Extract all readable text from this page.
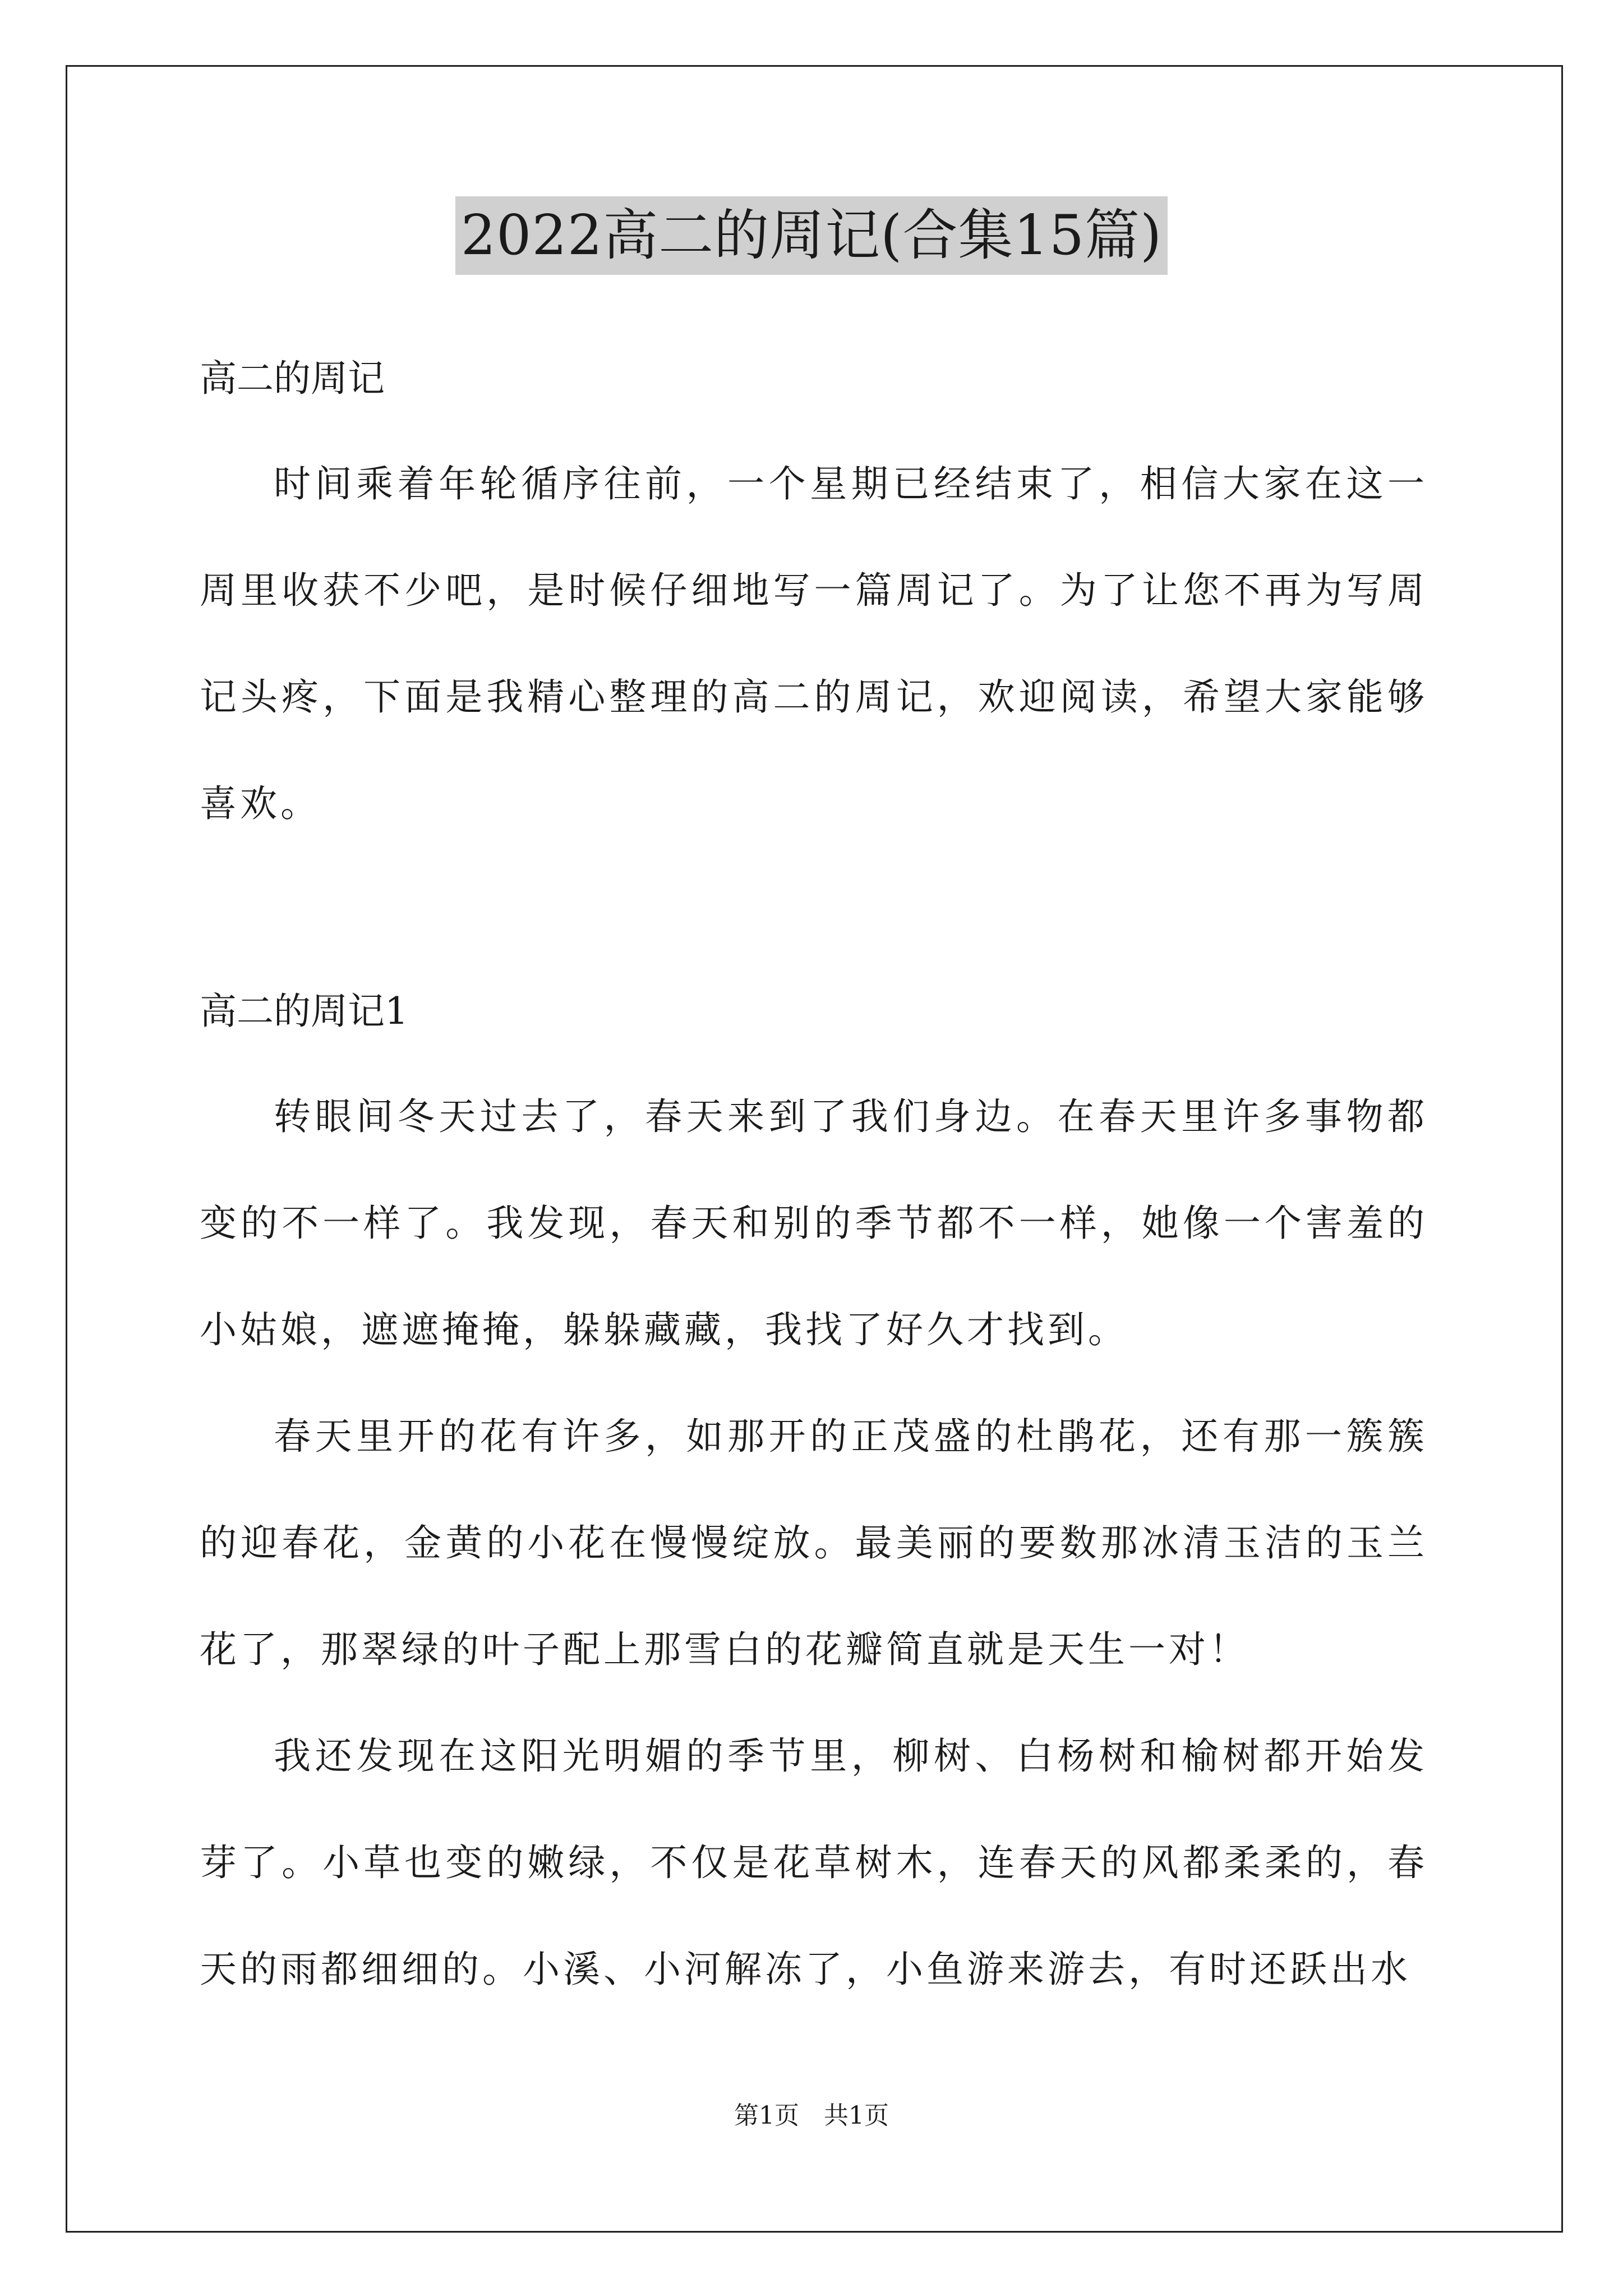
2022高二的周记(合集15篇)

高二的周记

时间乘着年轮循序往前，一个星期已经结束了，相信大家在这一周里收获不少吧，是时候仔细地写一篇周记了。为了让您不再为写周记头疼，下面是我精心整理的高二的周记，欢迎阅读，希望大家能够喜欢。

高二的周记1

转眼间冬天过去了，春天来到了我们身边。在春天里许多事物都变的不一样了。我发现，春天和别的季节都不一样，她像一个害羞的小姑娘，遮遮掩掩，躲躲藏藏，我找了好久才找到。

春天里开的花有许多，如那开的正茂盛的杜鹃花，还有那一簇簇的迎春花，金黄的小花在慢慢绽放。最美丽的要数那冰清玉洁的玉兰花了，那翠绿的叶子配上那雪白的花瓣简直就是天生一对！

我还发现在这阳光明媚的季节里，柳树、白杨树和榆树都开始发芽了。小草也变的嫩绿，不仅是花草树木，连春天的风都柔柔的，春天的雨都细细的。小溪、小河解冻了，小鱼游来游去，有时还跃出水

第1页　共1页
